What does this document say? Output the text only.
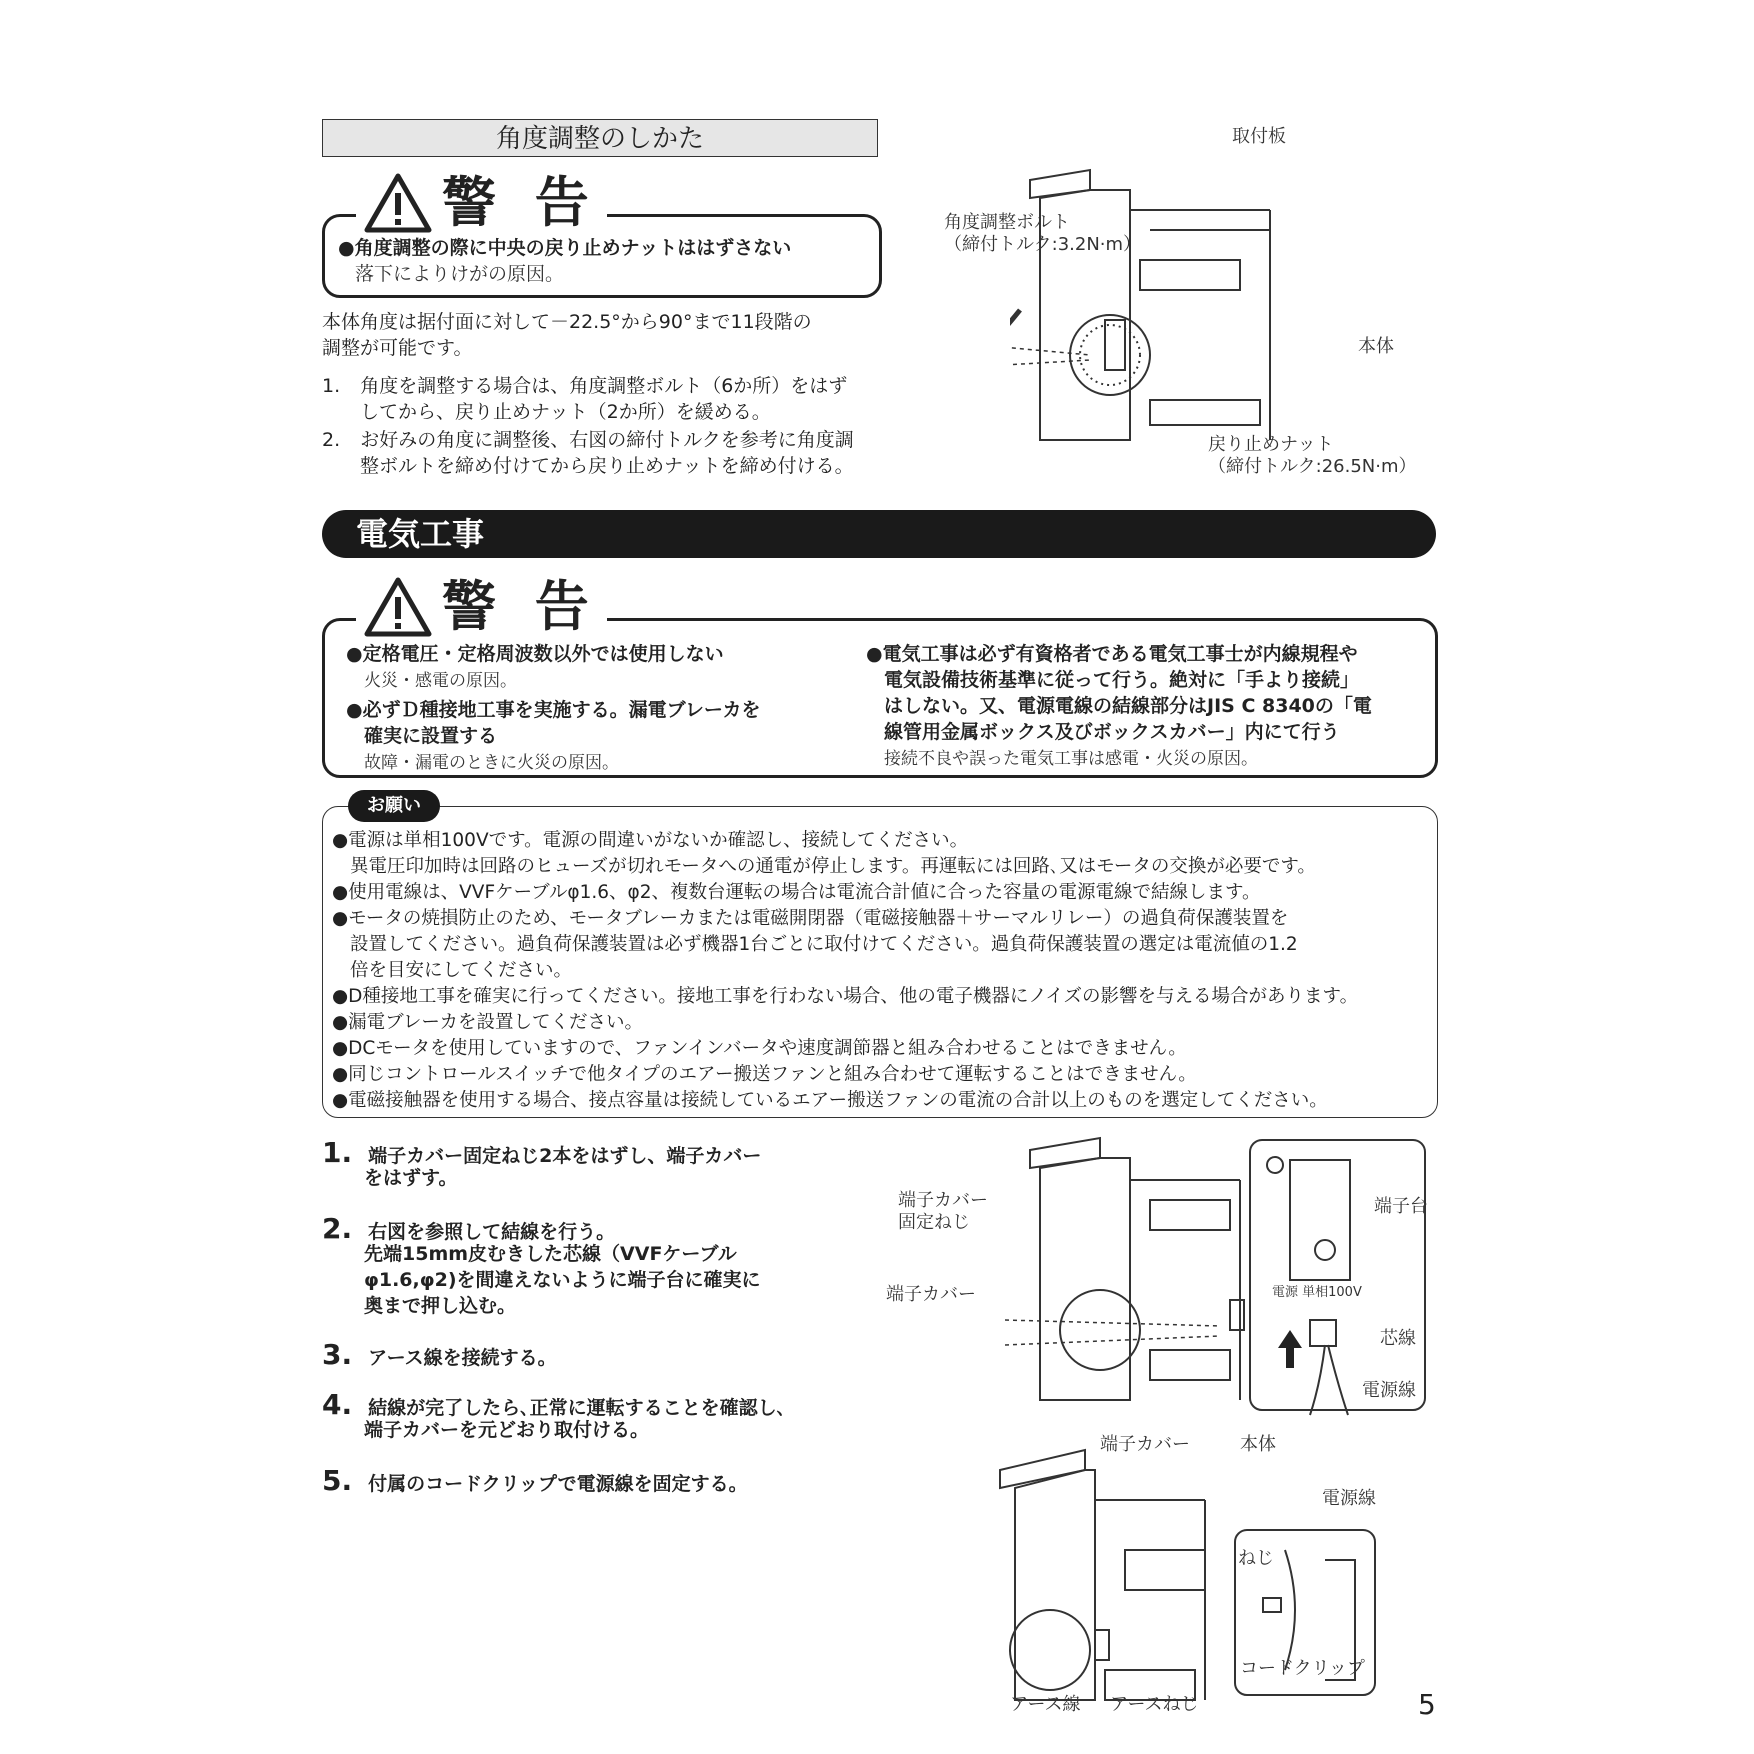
角度調整のしかた
警 告
●角度調整の際に中央の戻り止めナットははずさない
落下によりけがの原因。
本体角度は据付面に対して－22.5°から90°まで11段階の
調整が可能です。
1. 角度を調整する場合は、角度調整ボルト（6か所）をはず
してから、戻り止めナット（2か所）を緩める。
2. お好みの角度に調整後、右図の締付トルクを参考に角度調
整ボルトを締め付けてから戻り止めナットを締め付ける。
取付板
角度調整ボルト
（締付トルク:3.2N·m）
本体
戻り止めナット
（締付トルク:26.5N·m）
電気工事
警 告
●定格電圧・定格周波数以外では使用しない
火災・感電の原因。
●必ずＤ種接地工事を実施する。漏電ブレーカを
確実に設置する
故障・漏電のときに火災の原因。
●電気工事は必ず有資格者である電気工事士が内線規程や
電気設備技術基準に従って行う。絶対に「手より接続」
はしない。又、電源電線の結線部分はJIS C 8340の「電
線管用金属ボックス及びボックスカバー」内にて行う
接続不良や誤った電気工事は感電・火災の原因。
お願い
●電源は単相100Vです。電源の間違いがないか確認し、接続してください。
異電圧印加時は回路のヒューズが切れモータへの通電が停止します。再運転には回路､又はモータの交換が必要です。
●使用電線は、VVFケーブルφ1.6、φ2、複数台運転の場合は電流合計値に合った容量の電源電線で結線します。
●モータの焼損防止のため、モータブレーカまたは電磁開閉器（電磁接触器＋サーマルリレー）の過負荷保護装置を
設置してください。過負荷保護装置は必ず機器1台ごとに取付けてください。過負荷保護装置の選定は電流値の1.2
倍を目安にしてください。
●D種接地工事を確実に行ってください。接地工事を行わない場合、他の電子機器にノイズの影響を与える場合があります。
●漏電ブレーカを設置してください。
●DCモータを使用していますので、ファンインバータや速度調節器と組み合わせることはできません。
●同じコントロールスイッチで他タイプのエアー搬送ファンと組み合わせて運転することはできません。
●電磁接触器を使用する場合、接点容量は接続しているエアー搬送ファンの電流の合計以上のものを選定してください。
1. 端子カバー固定ねじ2本をはずし、端子カバー
をはずす。
2. 右図を参照して結線を行う。
先端15mm皮むきした芯線（VVFケーブル
φ1.6,φ2)を間違えないように端子台に確実に
奥まで押し込む。
3. アース線を接続する。
4. 結線が完了したら､正常に運転することを確認し､
端子カバーを元どおり取付ける。
5. 付属のコードクリップで電源線を固定する。
端子カバー
固定ねじ
端子カバー
端子台
電源 単相100V
芯線
電源線
端子カバー	本体
電源線
ねじ
コードクリップ
アース線 アースねじ	5
